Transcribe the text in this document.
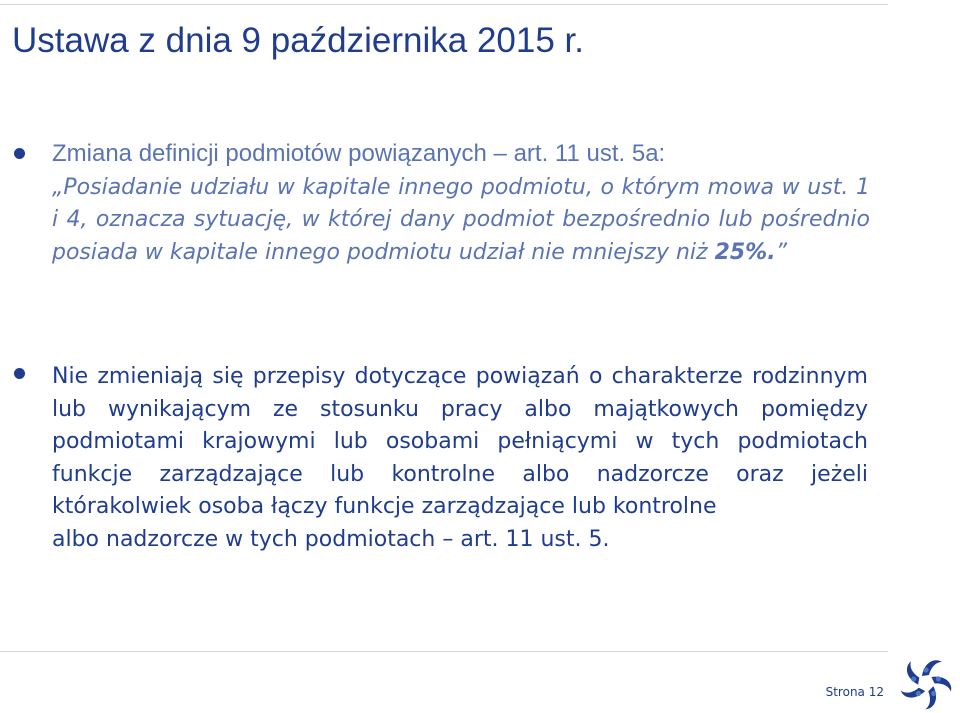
Ustawa z dnia 9 października 2015 r.

Zmiana definicji podmiotów powiązanych – art. 11 ust. 5a:
„Posiadanie udziału w kapitale innego podmiotu, o którym mowa w ust. 1 i 4, oznacza sytuację, w której dany podmiot bezpośrednio lub pośrednio posiada w kapitale innego podmiotu udział nie mniejszy niż 25%.”

Nie zmieniają się przepisy dotyczące powiązań o charakterze rodzinnym lub wynikającym ze stosunku pracy albo majątkowych pomiędzy podmiotami krajowymi lub osobami pełniącymi w tych podmiotach funkcje zarządzające lub kontrolne albo nadzorcze oraz jeżeli którakolwiek osoba łączy funkcje zarządzające lub kontrolne
albo nadzorcze w tych podmiotach – art. 11 ust. 5.

Strona 12
